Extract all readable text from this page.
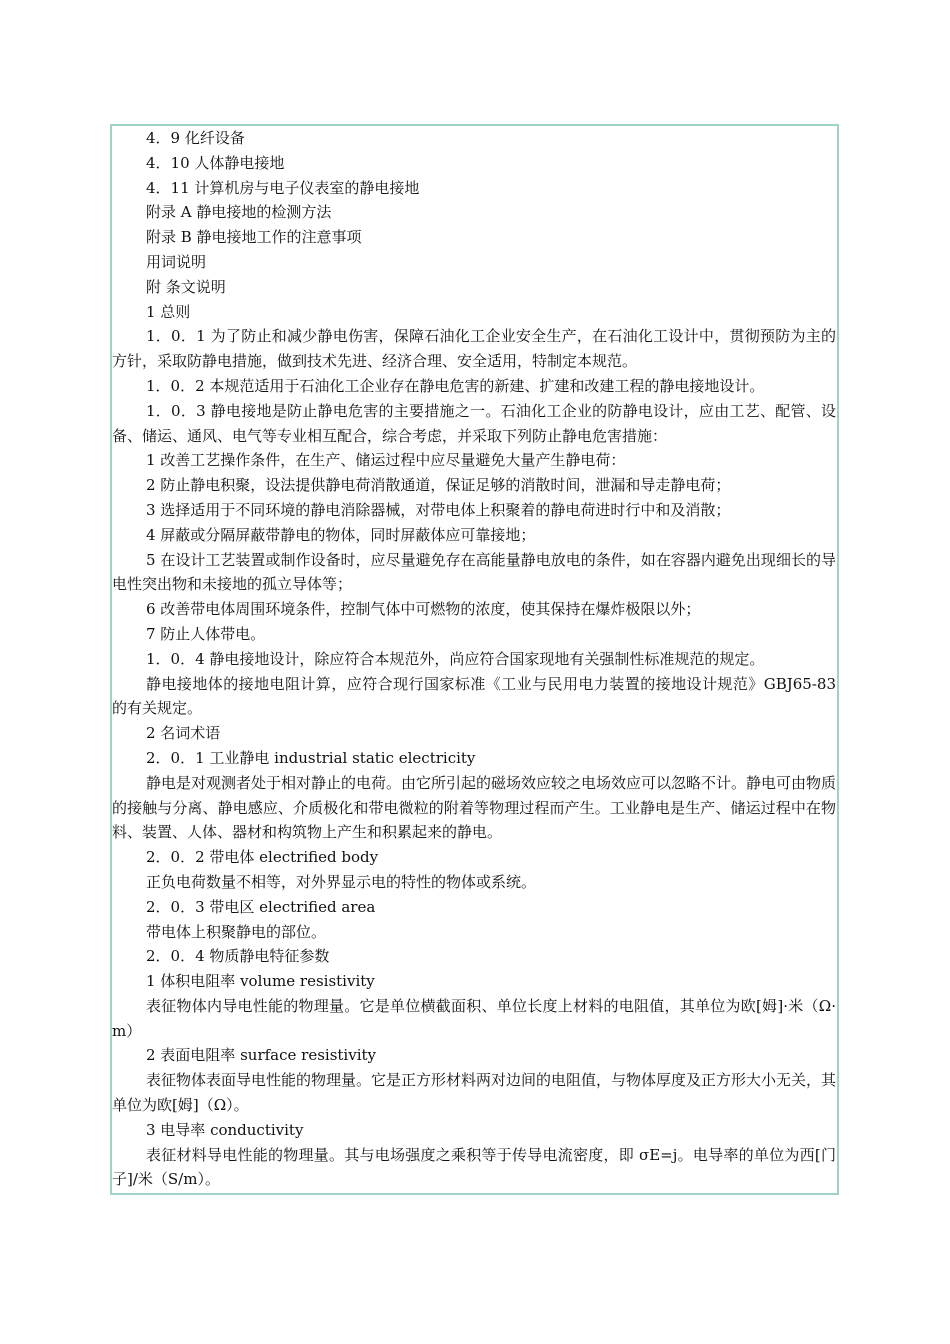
4．9 化纤设备

4．10 人体静电接地

4．11 计算机房与电子仪表室的静电接地

附录 A 静电接地的检测方法

附录 B 静电接地工作的注意事项

用词说明

附 条文说明

1 总则

1．0．1 为了防止和减少静电伤害，保障石油化工企业安全生产，在石油化工设计中，贯彻预防为主的方针，采取防静电措施，做到技术先进、经济合理、安全适用，特制定本规范。

1．0．2 本规范适用于石油化工企业存在静电危害的新建、扩建和改建工程的静电接地设计。

1．0．3 静电接地是防止静电危害的主要措施之一。石油化工企业的防静电设计，应由工艺、配管、设备、储运、通风、电气等专业相互配合，综合考虑，并采取下列防止静电危害措施：

1 改善工艺操作条件，在生产、储运过程中应尽量避免大量产生静电荷：

2 防止静电积聚，设法提供静电荷消散通道，保证足够的消散时间，泄漏和导走静电荷；

3 选择适用于不同环境的静电消除器械，对带电体上积聚着的静电荷进时行中和及消散；

4 屏蔽或分隔屏蔽带静电的物体，同时屏蔽体应可靠接地；

5 在设计工艺装置或制作设备时，应尽量避免存在高能量静电放电的条件，如在容器内避免出现细长的导电性突出物和未接地的孤立导体等；

6 改善带电体周围环境条件，控制气体中可燃物的浓度，使其保持在爆炸极限以外；

7 防止人体带电。

1．0．4 静电接地设计，除应符合本规范外，尚应符合国家现地有关强制性标准规范的规定。

静电接地体的接地电阻计算，应符合现行国家标准《工业与民用电力装置的接地设计规范》GBJ65-83 的有关规定。

2 名词术语

2．0．1 工业静电 industrial static electricity

静电是对观测者处于相对静止的电荷。由它所引起的磁场效应较之电场效应可以忽略不计。静电可由物质的接触与分离、静电感应、介质极化和带电微粒的附着等物理过程而产生。工业静电是生产、储运过程中在物料、装置、人体、器材和构筑物上产生和积累起来的静电。

2．0．2 带电体 electrified body

正负电荷数量不相等，对外界显示电的特性的物体或系统。

2．0．3 带电区 electrified area

带电体上积聚静电的部位。

2．0．4 物质静电特征参数

1 体积电阻率 volume resistivity

表征物体内导电性能的物理量。它是单位横截面积、单位长度上材料的电阻值，其单位为欧[姆]·米（Ω·m）

2 表面电阻率 surface resistivity

表征物体表面导电性能的物理量。它是正方形材料两对边间的电阻值，与物体厚度及正方形大小无关，其单位为欧[姆]（Ω）。

3 电导率 conductivity

表征材料导电性能的物理量。其与电场强度之乘积等于传导电流密度，即 σE=j。电导率的单位为西[门子]/米（S/m）。
